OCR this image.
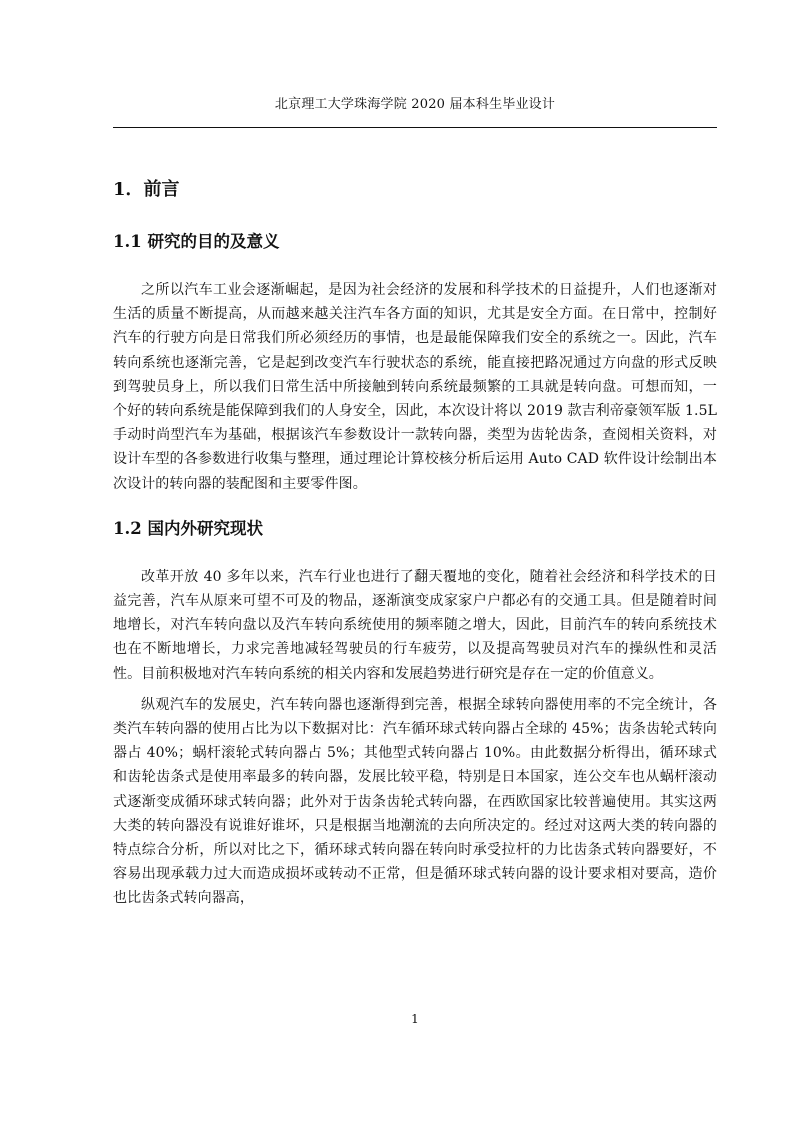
北京理工大学珠海学院 2020 届本科生毕业设计
1．前言
1.1 研究的目的及意义

之所以汽车工业会逐渐崛起，是因为社会经济的发展和科学技术的日益提升，人们也逐渐对生活的质量不断提高，从而越来越关注汽车各方面的知识，尤其是安全方面。在日常中，控制好汽车的行驶方向是日常我们所必须经历的事情，也是最能保障我们安全的系统之一。因此，汽车转向系统也逐渐完善，它是起到改变汽车行驶状态的系统，能直接把路况通过方向盘的形式反映到驾驶员身上，所以我们日常生活中所接触到转向系统最频繁的工具就是转向盘。可想而知，一个好的转向系统是能保障到我们的人身安全，因此，本次设计将以 2019 款吉利帝豪领军版 1.5L 手动时尚型汽车为基础，根据该汽车参数设计一款转向器，类型为齿轮齿条，查阅相关资料，对设计车型的各参数进行收集与整理，通过理论计算校核分析后运用 Auto CAD 软件设计绘制出本次设计的转向器的装配图和主要零件图。

1.2 国内外研究现状

改革开放 40 多年以来，汽车行业也进行了翻天覆地的变化，随着社会经济和科学技术的日益完善，汽车从原来可望不可及的物品，逐渐演变成家家户户都必有的交通工具。但是随着时间地增长，对汽车转向盘以及汽车转向系统使用的频率随之增大，因此，目前汽车的转向系统技术也在不断地增长，力求完善地减轻驾驶员的行车疲劳，以及提高驾驶员对汽车的操纵性和灵活性。目前积极地对汽车转向系统的相关内容和发展趋势进行研究是存在一定的价值意义。

纵观汽车的发展史，汽车转向器也逐渐得到完善，根据全球转向器使用率的不完全统计，各类汽车转向器的使用占比为以下数据对比：汽车循环球式转向器占全球的 45%；齿条齿轮式转向器占 40%；蜗杆滚轮式转向器占 5%；其他型式转向器占 10%。由此数据分析得出，循环球式和齿轮齿条式是使用率最多的转向器，发展比较平稳，特别是日本国家，连公交车也从蜗杆滚动式逐渐变成循环球式转向器；此外对于齿条齿轮式转向器，在西欧国家比较普遍使用。其实这两大类的转向器没有说谁好谁坏，只是根据当地潮流的去向所决定的。经过对这两大类的转向器的特点综合分析，所以对比之下，循环球式转向器在转向时承受拉杆的力比齿条式转向器要好，不容易出现承载力过大而造成损坏或转动不正常，但是循环球式转向器的设计要求相对要高，造价也比齿条式转向器高，

1
